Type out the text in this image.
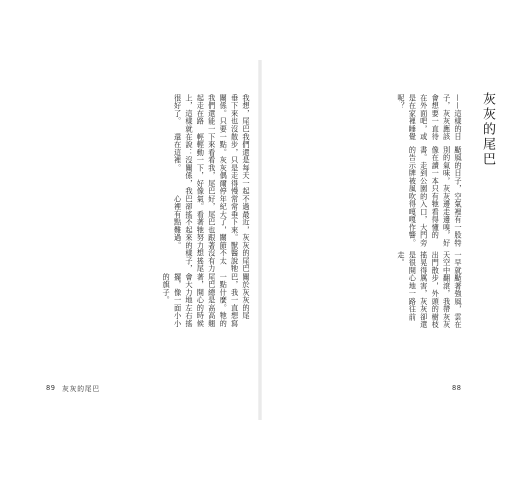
灰灰的尾巴
一早就颳著強風，雲在天空中翻滾，我帶灰灰出門散步，外頭的樹枝搖晃得厲害，灰灰卻還是很開心地一路往前走。
颳風的日子，空氣裡有一股特別的氣味，灰灰邊走邊嗅，好像在讀一本只有牠看得懂的書。走到公園的入口，大門旁的告示牌被風吹得嘎嘎作響。
——這樣的日子，灰灰應該會想要一直待在外面吧，或是在家裡睡覺呢？
關於灰灰的尾巴，我一直想寫一點什麼。牠的尾巴總是高高翹著，開心的時候會大力地左右搖擺，像一面小小的旗子。
不過最近，灰灰的尾巴常常垂下來。獸醫說牠年紀大了，關節不太好，尾巴也跟著沒有力氣。看著牠努力想搖尾巴卻搖不起來的樣子，心裡有點難過。
我們還是每天一起散步，只是走得慢一點。灰灰偶爾停下來看看我，尾巴輕輕動一下，好像在說：沒關係，我還在這裡。
我想，尾巴垂下來也沒關係。只要我們還能一起走在路上，這樣就很好了。
89 灰灰的尾巴	88
